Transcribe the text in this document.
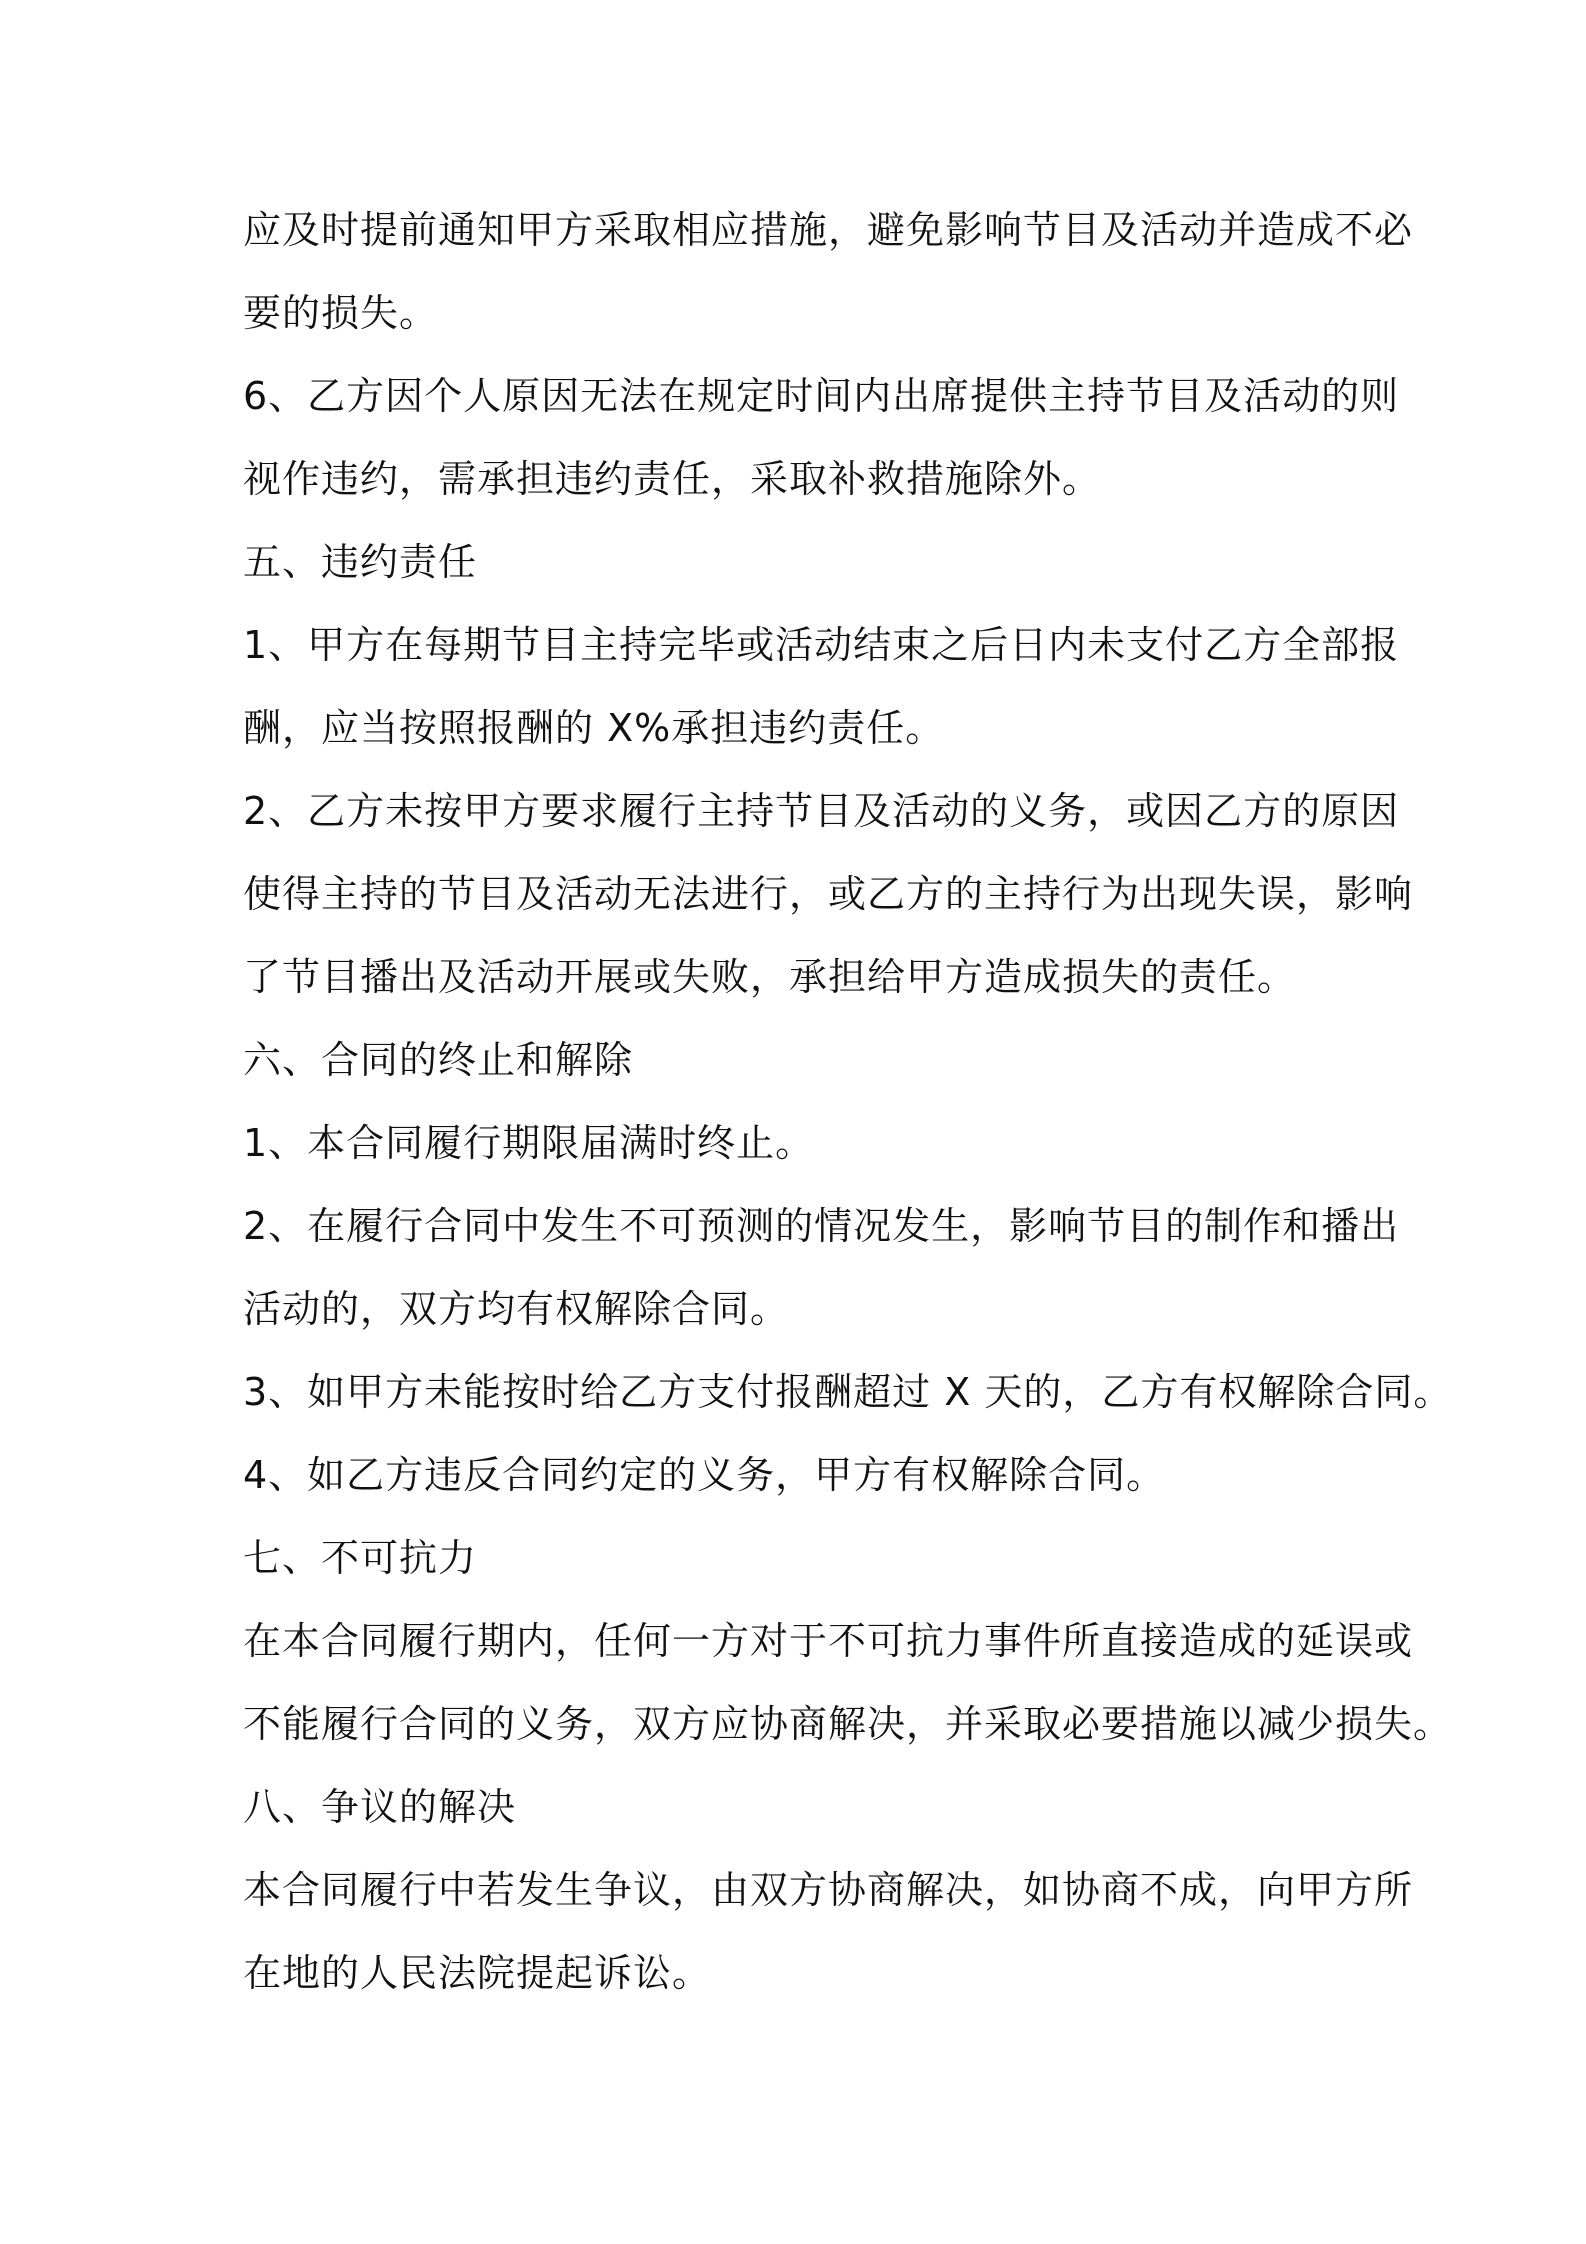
应及时提前通知甲方采取相应措施，避免影响节目及活动并造成不必
要的损失。
6、乙方因个人原因无法在规定时间内出席提供主持节目及活动的则
视作违约，需承担违约责任，采取补救措施除外。
五、违约责任
1、甲方在每期节目主持完毕或活动结束之后日内未支付乙方全部报
酬，应当按照报酬的 X%承担违约责任。
2、乙方未按甲方要求履行主持节目及活动的义务，或因乙方的原因
使得主持的节目及活动无法进行，或乙方的主持行为出现失误，影响
了节目播出及活动开展或失败，承担给甲方造成损失的责任。
六、合同的终止和解除
1、本合同履行期限届满时终止。
2、在履行合同中发生不可预测的情况发生，影响节目的制作和播出
活动的，双方均有权解除合同。
3、如甲方未能按时给乙方支付报酬超过 X 天的，乙方有权解除合同。
4、如乙方违反合同约定的义务，甲方有权解除合同。
七、不可抗力
在本合同履行期内，任何一方对于不可抗力事件所直接造成的延误或
不能履行合同的义务，双方应协商解决，并采取必要措施以减少损失。
八、争议的解决
本合同履行中若发生争议，由双方协商解决，如协商不成，向甲方所
在地的人民法院提起诉讼。
